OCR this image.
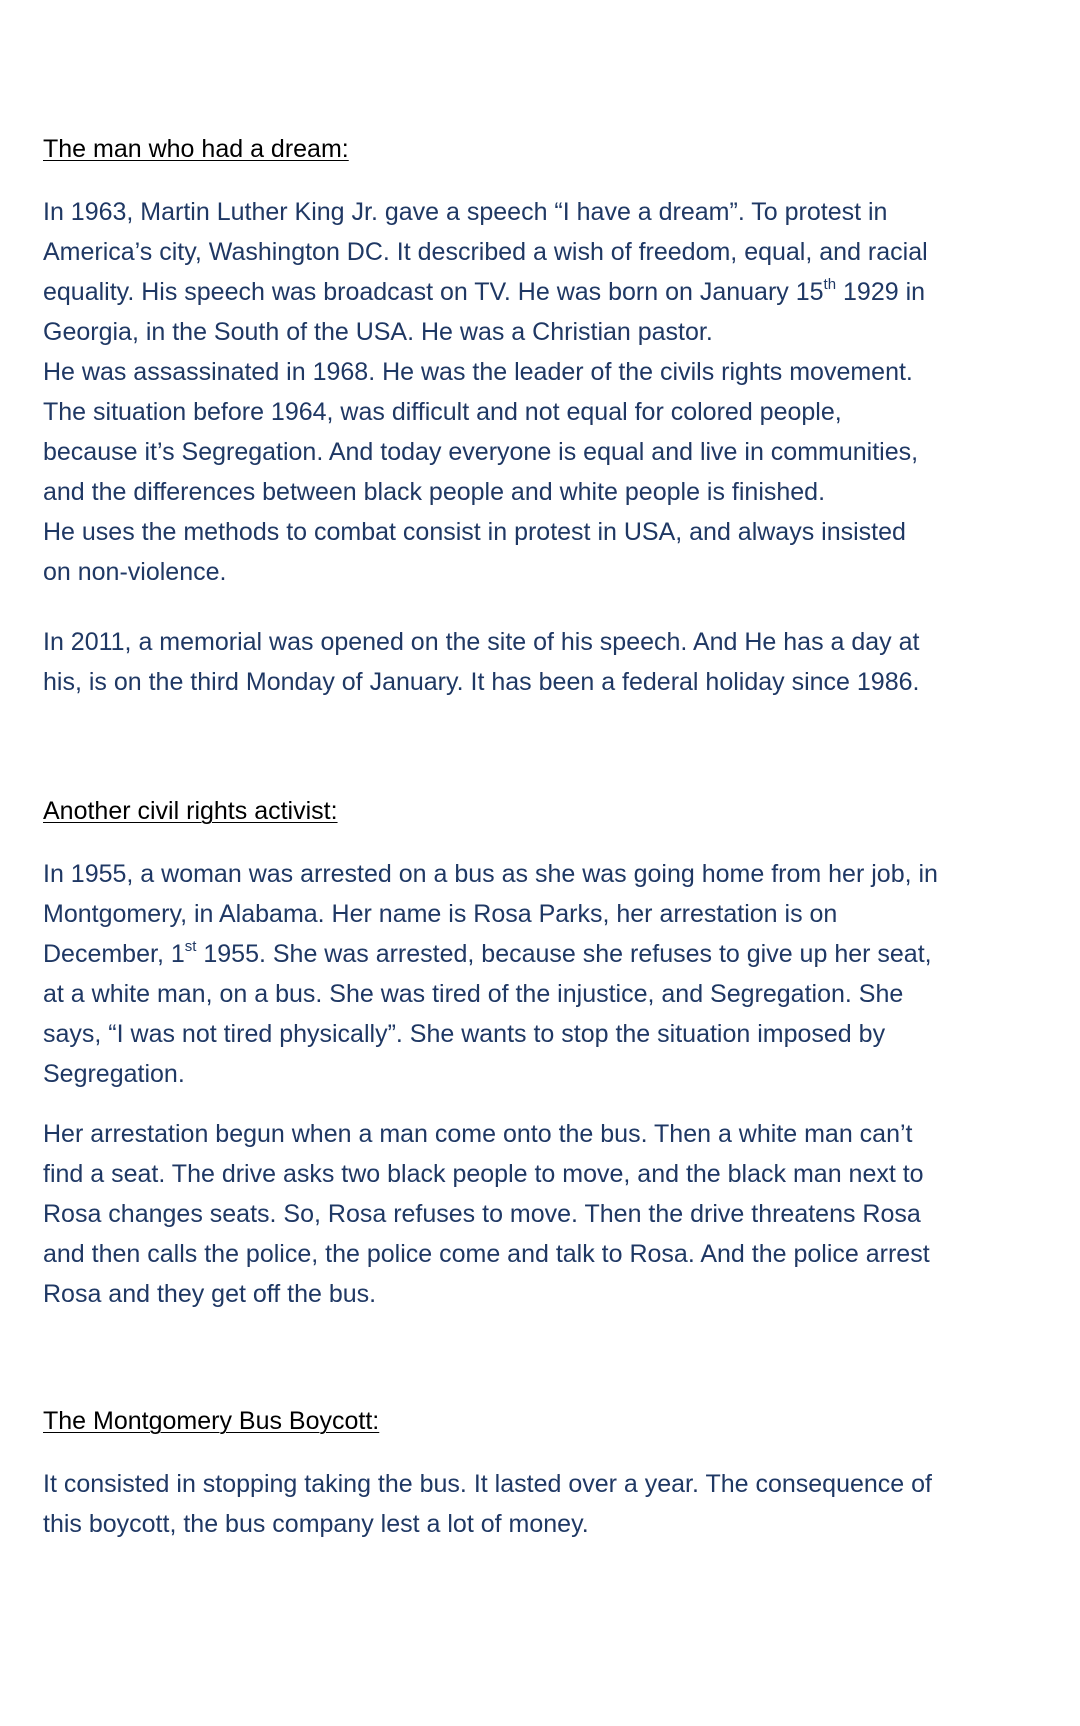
The man who had a dream:
In 1963, Martin Luther King Jr. gave a speech “I have a dream”. To protest in
America’s city, Washington DC. It described a wish of freedom, equal, and racial
equality. His speech was broadcast on TV. He was born on January 15th 1929 in
Georgia, in the South of the USA. He was a Christian pastor.
He was assassinated in 1968. He was the leader of the civils rights movement.
The situation before 1964, was difficult and not equal for colored people,
because it’s Segregation. And today everyone is equal and live in communities,
and the differences between black people and white people is finished.
He uses the methods to combat consist in protest in USA, and always insisted
on non-violence.
In 2011, a memorial was opened on the site of his speech. And He has a day at
his, is on the third Monday of January. It has been a federal holiday since 1986.
Another civil rights activist:
In 1955, a woman was arrested on a bus as she was going home from her job, in
Montgomery, in Alabama. Her name is Rosa Parks, her arrestation is on
December, 1st 1955. She was arrested, because she refuses to give up her seat,
at a white man, on a bus. She was tired of the injustice, and Segregation. She
says, “I was not tired physically”. She wants to stop the situation imposed by
Segregation.
Her arrestation begun when a man come onto the bus. Then a white man can’t
find a seat. The drive asks two black people to move, and the black man next to
Rosa changes seats. So, Rosa refuses to move. Then the drive threatens Rosa
and then calls the police, the police come and talk to Rosa. And the police arrest
Rosa and they get off the bus.
The Montgomery Bus Boycott:
It consisted in stopping taking the bus. It lasted over a year. The consequence of
this boycott, the bus company lest a lot of money.
